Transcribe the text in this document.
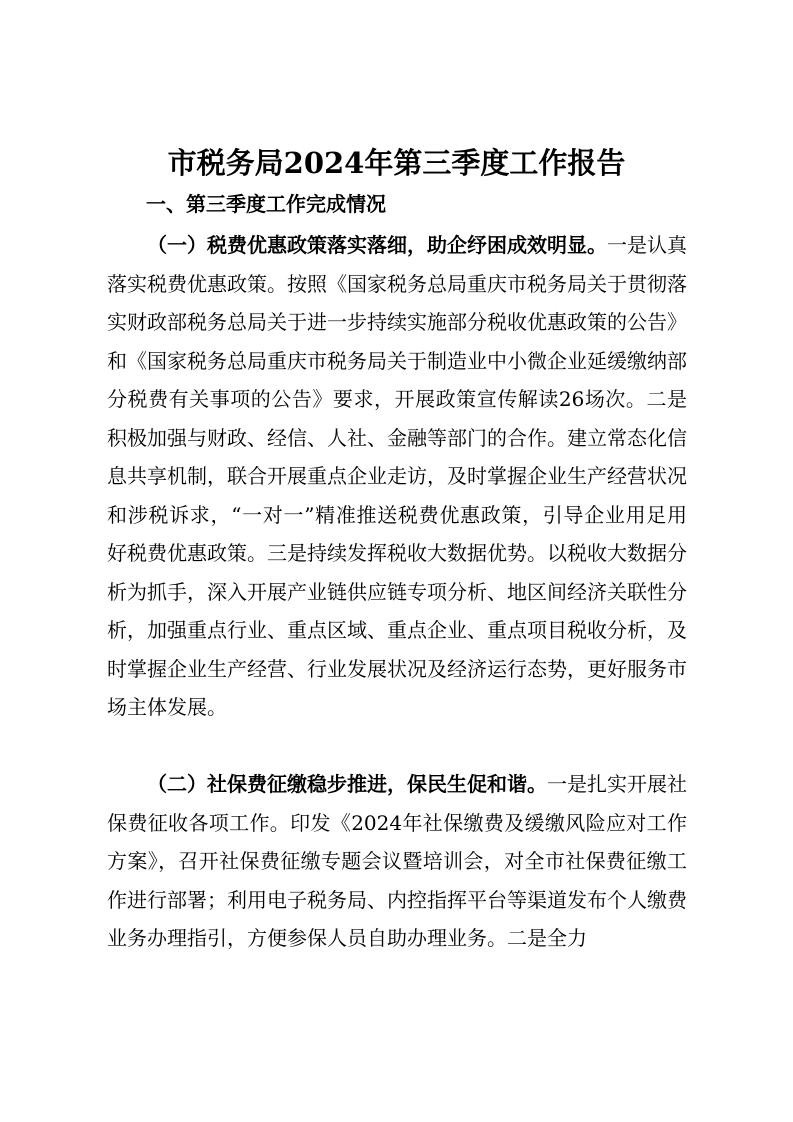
市税务局2024年第三季度工作报告
一、第三季度工作完成情况
（一）税费优惠政策落实落细，助企纾困成效明显。一是认真落实税费优惠政策。按照《国家税务总局重庆市税务局关于贯彻落实财政部税务总局关于进一步持续实施部分税收优惠政策的公告》和《国家税务总局重庆市税务局关于制造业中小微企业延缓缴纳部分税费有关事项的公告》要求，开展政策宣传解读26场次。二是积极加强与财政、经信、人社、金融等部门的合作。建立常态化信息共享机制，联合开展重点企业走访，及时掌握企业生产经营状况和涉税诉求，“一对一”精准推送税费优惠政策，引导企业用足用好税费优惠政策。三是持续发挥税收大数据优势。以税收大数据分析为抓手，深入开展产业链供应链专项分析、地区间经济关联性分析，加强重点行业、重点区域、重点企业、重点项目税收分析，及时掌握企业生产经营、行业发展状况及经济运行态势，更好服务市场主体发展。
（二）社保费征缴稳步推进，保民生促和谐。一是扎实开展社保费征收各项工作。印发《2024年社保缴费及缓缴风险应对工作方案》，召开社保费征缴专题会议暨培训会，对全市社保费征缴工作进行部署；利用电子税务局、内控指挥平台等渠道发布个人缴费业务办理指引，方便参保人员自助办理业务。二是全力
